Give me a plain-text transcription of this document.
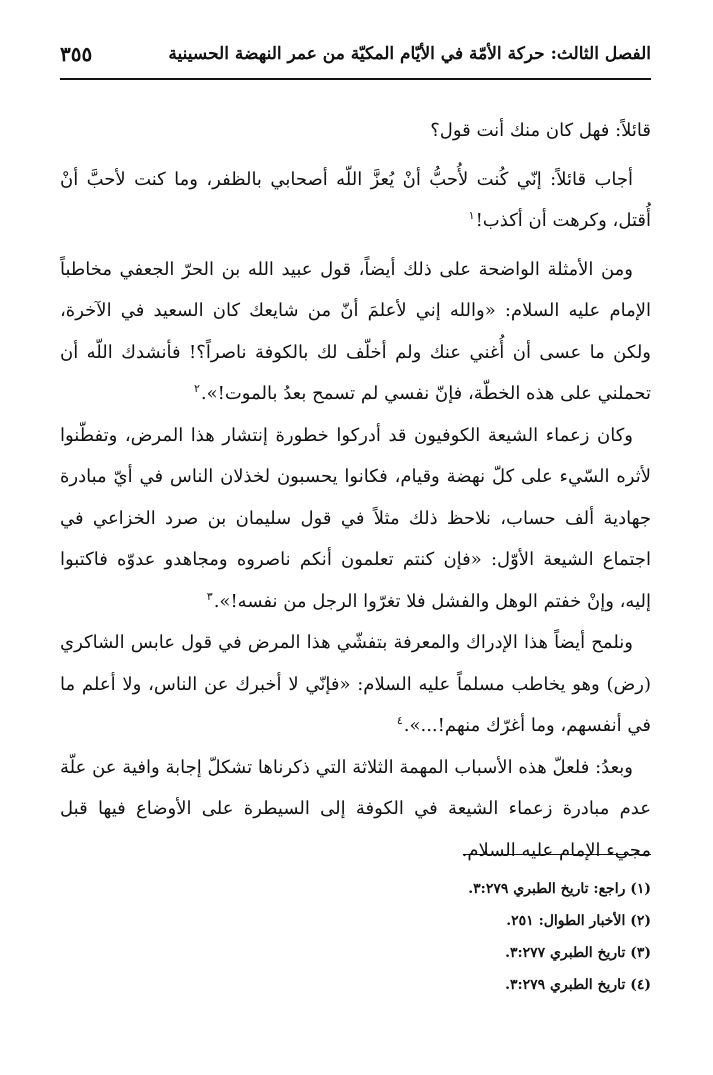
الفصل الثالث: حركة الأمّة في الأيّام المكيّة من عمر النهضة الحسينية
٣٥٥

قائلاً: فهل كان منك أنت قول؟

أجاب قائلاً: إنّي كُنت لأُحبُّ أنْ يُعزَّ اللّه أصحابي بالظفر، وما كنت لأحبَّ أنْ أُقتل، وكرهت أن أكذب!$^١$

ومن الأمثلة الواضحة على ذلك أيضاً، قول عبيد الله بن الحرّ الجعفي مخاطباً الإمام عليه السلام: «والله إني لأعلمَ أنّ من شايعك كان السعيد في الآخرة، ولكن ما عسى أن أُغني عنك ولم أخلّف لك بالكوفة ناصراً؟! فأنشدك اللّه أن تحملني على هذه الخطّة، فإنّ نفسي لم تسمح بعدُ بالموت!».$^٢$

وكان زعماء الشيعة الكوفيون قد أدركوا خطورة إنتشار هذا المرض، وتفطّنوا لأثره السّيء على كلّ نهضة وقيام، فكانوا يحسبون لخذلان الناس في أيّ مبادرة جهادية ألف حساب، نلاحظ ذلك مثلاً في قول سليمان بن صرد الخزاعي في اجتماع الشيعة الأوّل: «فإن كنتم تعلمون أنكم ناصروه ومجاهدو عدوّه فاكتبوا إليه، وإنْ خفتم الوهل والفشل فلا تغرّوا الرجل من نفسه!».$^٣$

ونلمح أيضاً هذا الإدراك والمعرفة بتفشّي هذا المرض في قول عابس الشاكري (رض) وهو يخاطب مسلماً عليه السلام: «فإنّي لا أخبرك عن الناس، ولا أعلم ما في أنفسهم، وما أغرّك منهم!...».$^٤$

وبعدُ: فلعلّ هذه الأسباب المهمة الثلاثة التي ذكرناها تشكلّ إجابة وافية عن علّة عدم مبادرة زعماء الشيعة في الكوفة إلى السيطرة على الأوضاع فيها قبل مجيء الإمام عليه السلام.

(١) راجع: تاريخ الطبري ٣:٢٧٩.
(٢) الأخبار الطوال: ٢٥١.
(٣) تاريخ الطبري ٣:٢٧٧.
(٤) تاريخ الطبري ٣:٢٧٩.
